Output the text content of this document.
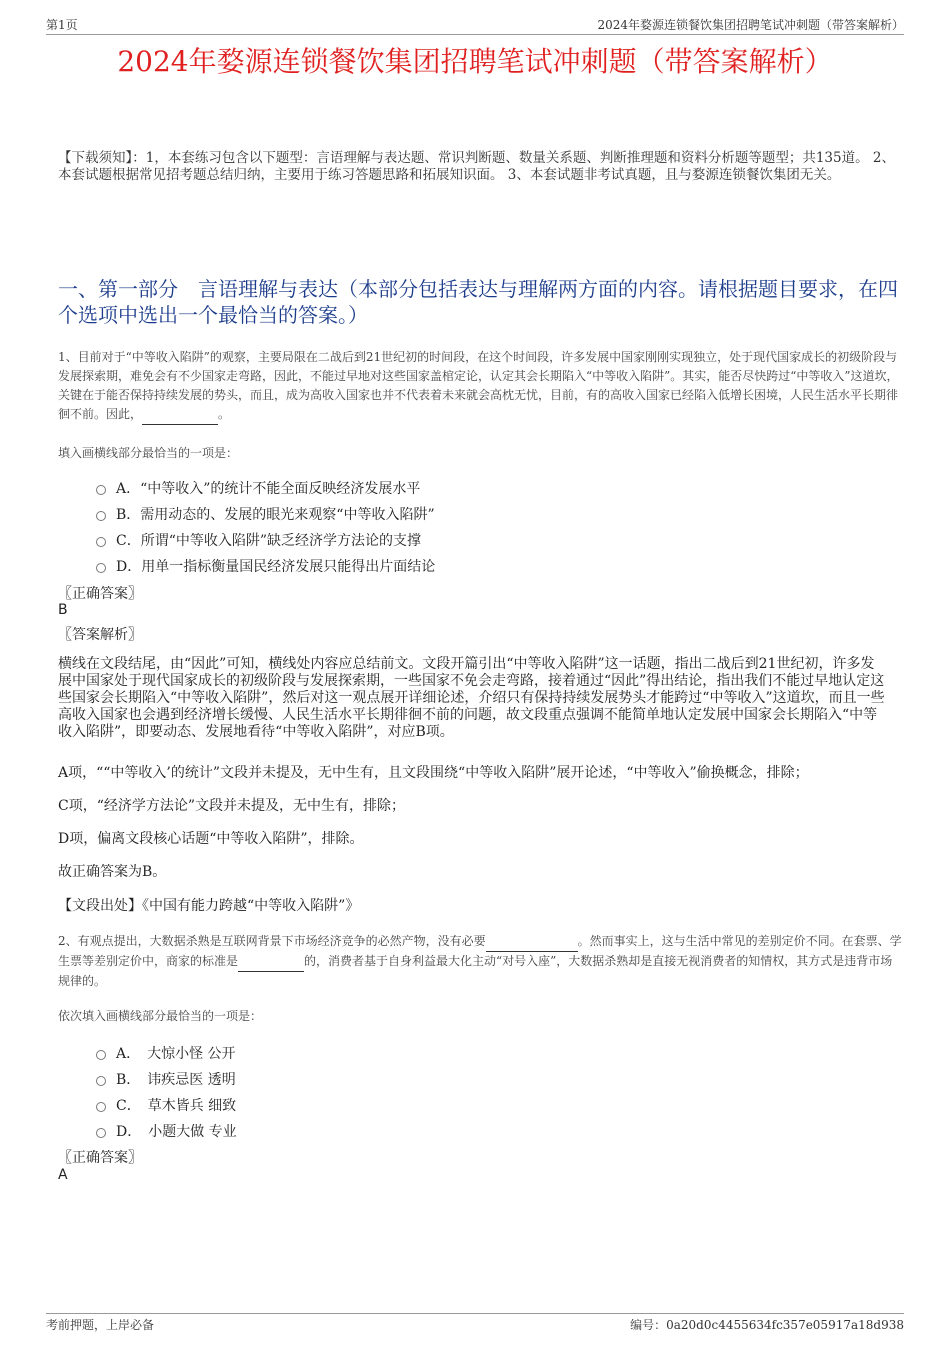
第1页	2024年婺源连锁餐饮集团招聘笔试冲刺题（带答案解析）
2024年婺源连锁餐饮集团招聘笔试冲刺题（带答案解析）
【下载须知】：1，本套练习包含以下题型：言语理解与表达题、常识判断题、数量关系题、判断推理题和资料分析题等题型；共135道。 2、本套试题根据常见招考题总结归纳，主要用于练习答题思路和拓展知识面。 3、本套试题非考试真题，且与婺源连锁餐饮集团无关。
一、第一部分　言语理解与表达（本部分包括表达与理解两方面的内容。请根据题目要求，在四个选项中选出一个最恰当的答案。）
1、目前对于“中等收入陷阱”的观察，主要局限在二战后到21世纪初的时间段，在这个时间段，许多发展中国家刚刚实现独立，处于现代国家成长的初级阶段与发展探索期，难免会有不少国家走弯路，因此，不能过早地对这些国家盖棺定论，认定其会长期陷入“中等收入陷阱”。其实，能否尽快跨过“中等收入”这道坎，关键在于能否保持持续发展的势头，而且，成为高收入国家也并不代表着未来就会高枕无忧，目前，有的高收入国家已经陷入低增长困境，人民生活水平长期徘徊不前。因此，	。
填入画横线部分最恰当的一项是：
A．“中等收入”的统计不能全面反映经济发展水平
B．需用动态的、发展的眼光来观察“中等收入陷阱”
C．所谓“中等收入陷阱”缺乏经济学方法论的支撑
D．用单一指标衡量国民经济发展只能得出片面结论
〖正确答案〗
B
〖答案解析〗
横线在文段结尾，由“因此”可知，横线处内容应总结前文。文段开篇引出“中等收入陷阱”这一话题，指出二战后到21世纪初，许多发展中国家处于现代国家成长的初级阶段与发展探索期，一些国家不免会走弯路，接着通过“因此”得出结论，指出我们不能过早地认定这些国家会长期陷入“中等收入陷阱”，然后对这一观点展开详细论述，介绍只有保持持续发展势头才能跨过“中等收入”这道坎，而且一些高收入国家也会遇到经济增长缓慢、人民生活水平长期徘徊不前的问题，故文段重点强调不能简单地认定发展中国家会长期陷入“中等收入陷阱”，即要动态、发展地看待“中等收入陷阱”，对应B项。
A项，““中等收入’的统计”文段并未提及，无中生有，且文段围绕“中等收入陷阱”展开论述，“中等收入”偷换概念，排除；
C项，“经济学方法论”文段并未提及，无中生有，排除；
D项，偏离文段核心话题“中等收入陷阱”，排除。
故正确答案为B。
【文段出处】《中国有能力跨越“中等收入陷阱”》
2、有观点提出，大数据杀熟是互联网背景下市场经济竞争的必然产物，没有必要	。然而事实上，这与生活中常见的差别定价不同。在套票、学生票等差别定价中，商家的标准是	的，消费者基于自身利益最大化主动“对号入座”，大数据杀熟却是直接无视消费者的知情权，其方式是违背市场规律的。
依次填入画横线部分最恰当的一项是：
A．　大惊小怪 公开
B．　讳疾忌医 透明
C．　草木皆兵 细致
D．　小题大做 专业
〖正确答案〗
A
考前押题，上岸必备	编号：0a20d0c4455634fc357e05917a18d938
